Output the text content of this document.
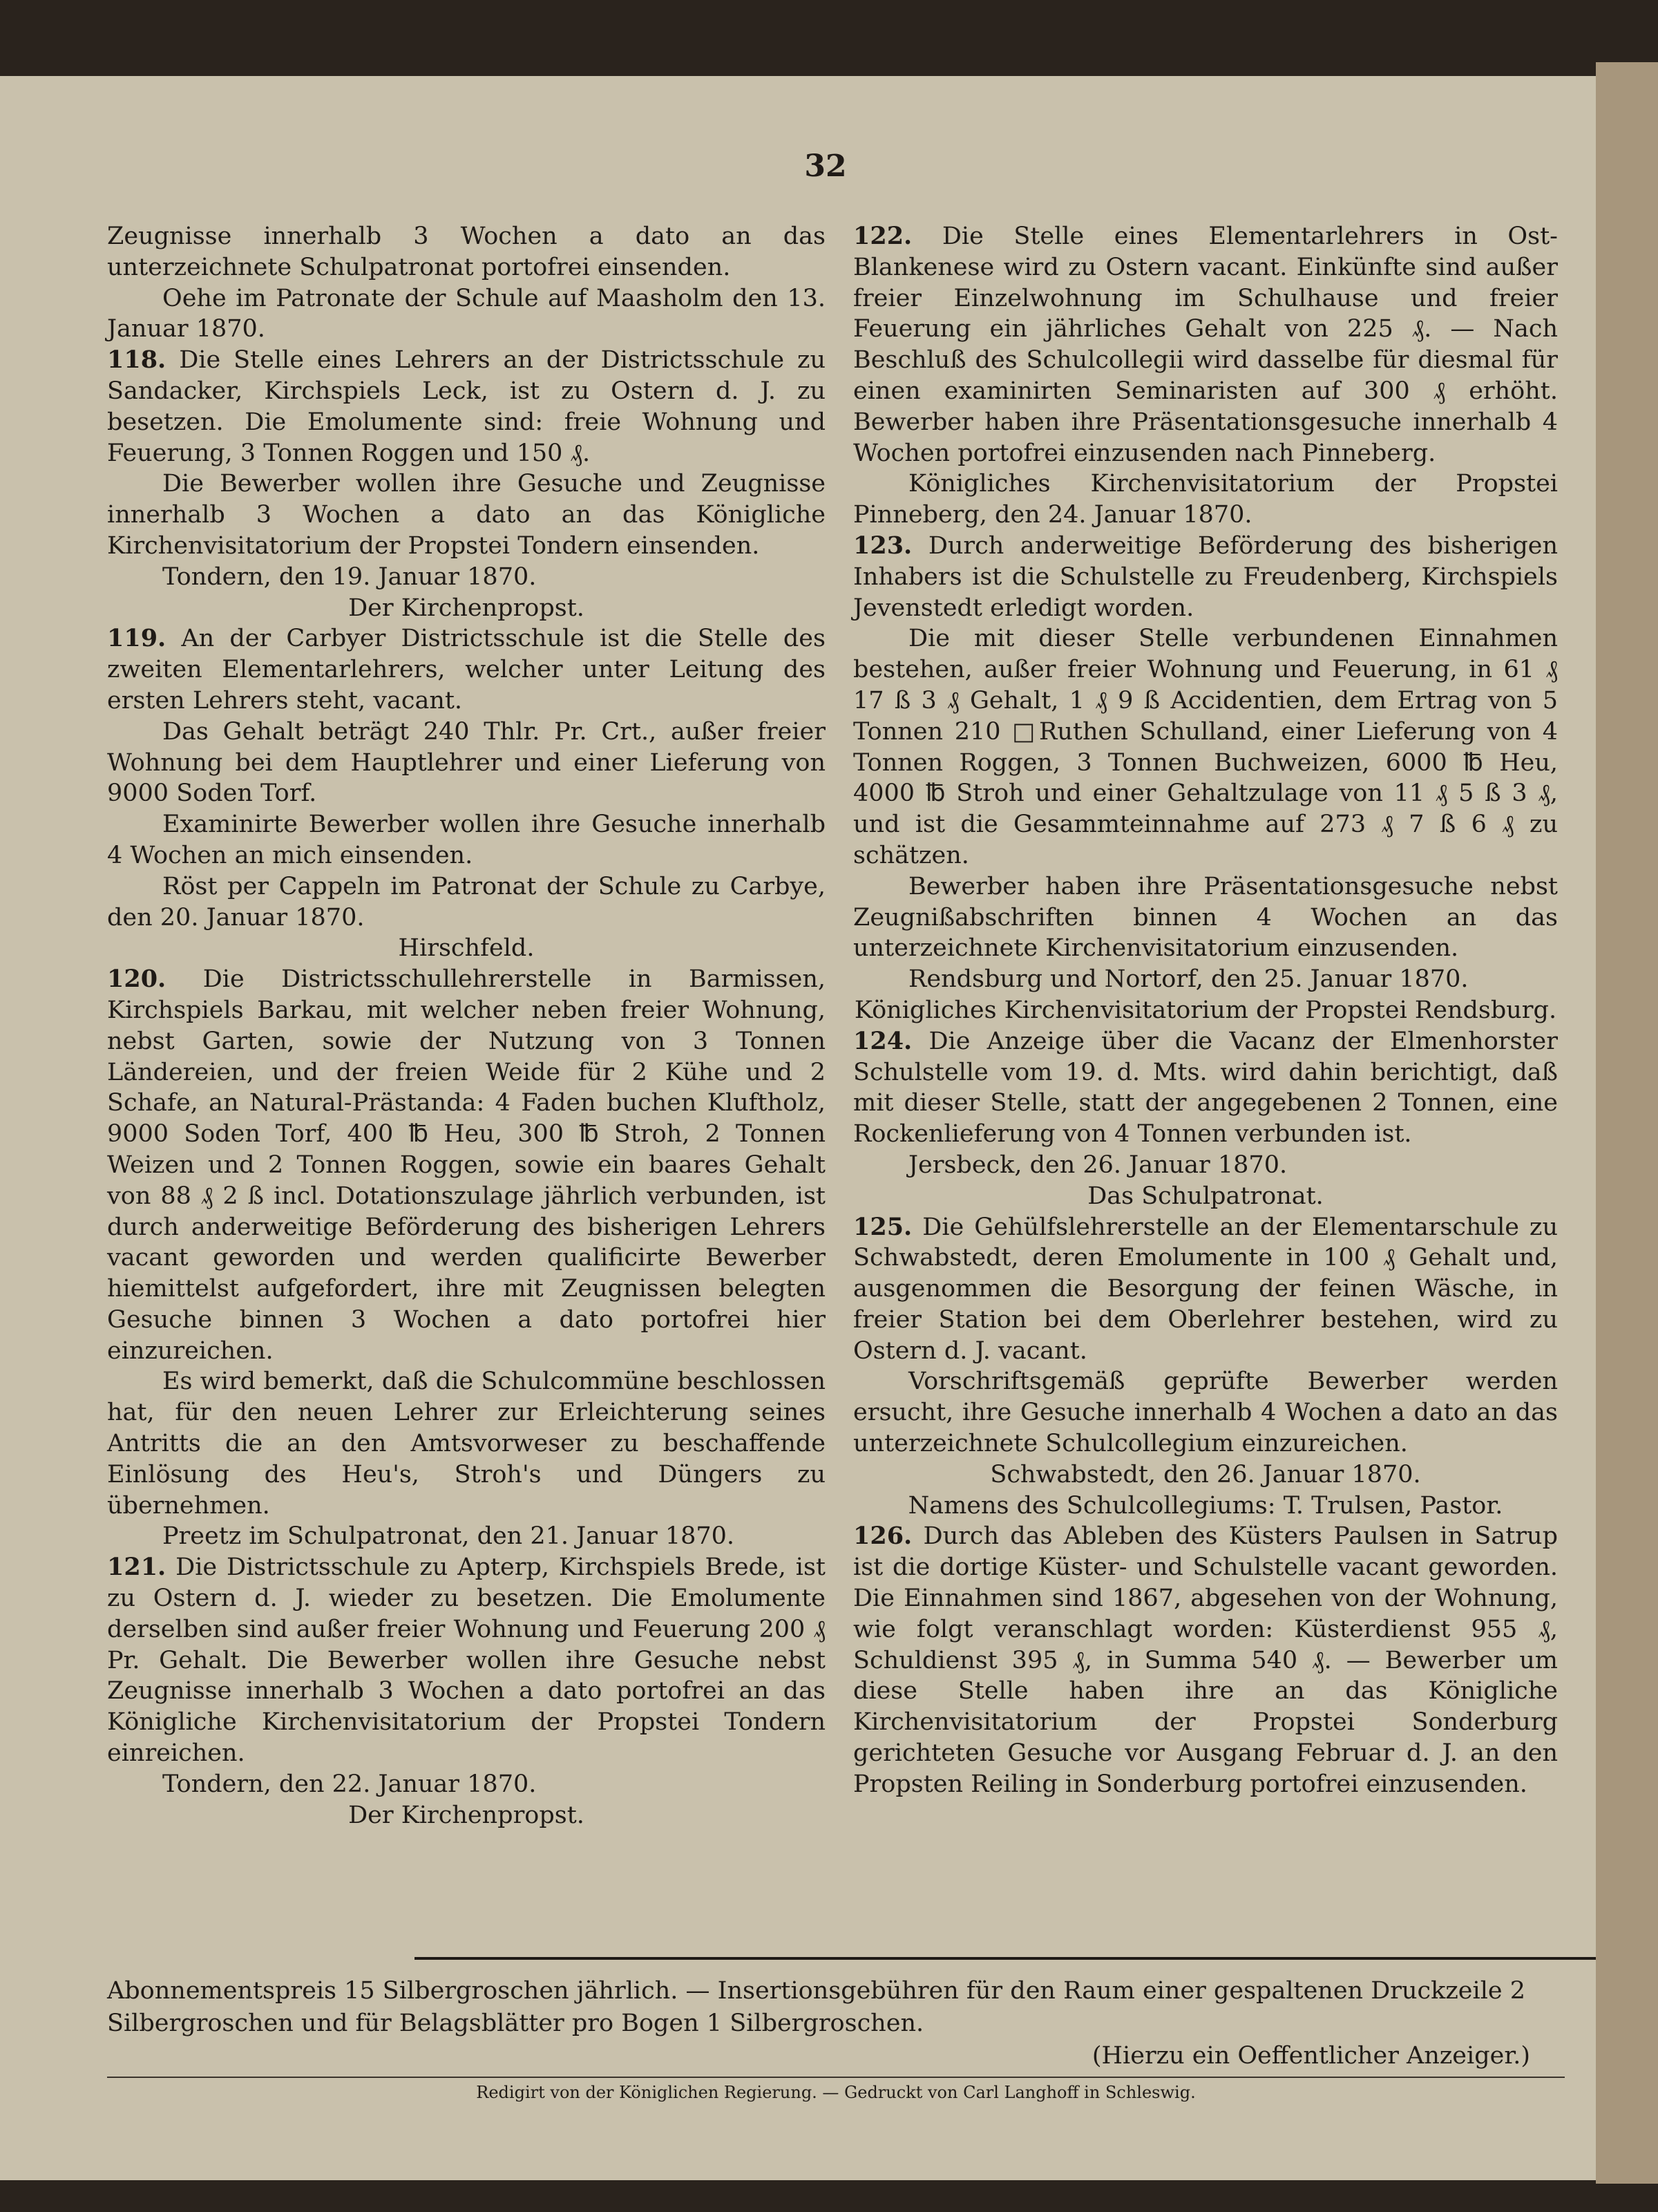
32

Zeugnisse innerhalb 3 Wochen a dato an das unterzeichnete Schulpatronat portofrei einsenden.

Oehe im Patronate der Schule auf Maasholm den 13. Januar 1870.

118. Die Stelle eines Lehrers an der Districtsschule zu Sandacker, Kirchspiels Leck, ist zu Ostern d. J. zu besetzen. Die Emolumente sind: freie Wohnung und Feuerung, 3 Tonnen Roggen und 150 ₰.

Die Bewerber wollen ihre Gesuche und Zeugnisse innerhalb 3 Wochen a dato an das Königliche Kirchenvisitatorium der Propstei Tondern einsenden.

Tondern, den 19. Januar 1870.

Der Kirchenpropst.

119. An der Carbyer Districtsschule ist die Stelle des zweiten Elementarlehrers, welcher unter Leitung des ersten Lehrers steht, vacant.

Das Gehalt beträgt 240 Thlr. Pr. Crt., außer freier Wohnung bei dem Hauptlehrer und einer Lieferung von 9000 Soden Torf.

Examinirte Bewerber wollen ihre Gesuche innerhalb 4 Wochen an mich einsenden.

Röst per Cappeln im Patronat der Schule zu Carbye, den 20. Januar 1870.

Hirschfeld.

120. Die Districtsschullehrerstelle in Barmissen, Kirchspiels Barkau, mit welcher neben freier Wohnung, nebst Garten, sowie der Nutzung von 3 Tonnen Ländereien, und der freien Weide für 2 Kühe und 2 Schafe, an Natural-Prästanda: 4 Faden buchen Kluftholz, 9000 Soden Torf, 400 ℔ Heu, 300 ℔ Stroh, 2 Tonnen Weizen und 2 Tonnen Roggen, sowie ein baares Gehalt von 88 ₰ 2 ß incl. Dotationszulage jährlich verbunden, ist durch anderweitige Beförderung des bisherigen Lehrers vacant geworden und werden qualificirte Bewerber hiemittelst aufgefordert, ihre mit Zeugnissen belegten Gesuche binnen 3 Wochen a dato portofrei hier einzureichen.

Es wird bemerkt, daß die Schulcommüne beschlossen hat, für den neuen Lehrer zur Erleichterung seines Antritts die an den Amtsvorweser zu beschaffende Einlösung des Heu's, Stroh's und Düngers zu übernehmen.

Preetz im Schulpatronat, den 21. Januar 1870.

121. Die Districtsschule zu Apterp, Kirchspiels Brede, ist zu Ostern d. J. wieder zu besetzen. Die Emolumente derselben sind außer freier Wohnung und Feuerung 200 ₰ Pr. Gehalt. Die Bewerber wollen ihre Gesuche nebst Zeugnisse innerhalb 3 Wochen a dato portofrei an das Königliche Kirchenvisitatorium der Propstei Tondern einreichen.

Tondern, den 22. Januar 1870.

Der Kirchenpropst.

122. Die Stelle eines Elementarlehrers in Ost-Blankenese wird zu Ostern vacant. Einkünfte sind außer freier Einzelwohnung im Schulhause und freier Feuerung ein jährliches Gehalt von 225 ₰. — Nach Beschluß des Schulcollegii wird dasselbe für diesmal für einen examinirten Seminaristen auf 300 ₰ erhöht. Bewerber haben ihre Präsentationsgesuche innerhalb 4 Wochen portofrei einzusenden nach Pinneberg.

Königliches Kirchenvisitatorium der Propstei Pinneberg, den 24. Januar 1870.

123. Durch anderweitige Beförderung des bisherigen Inhabers ist die Schulstelle zu Freudenberg, Kirchspiels Jevenstedt erledigt worden.

Die mit dieser Stelle verbundenen Einnahmen bestehen, außer freier Wohnung und Feuerung, in 61 ₰ 17 ß 3 ₰ Gehalt, 1 ₰ 9 ß Accidentien, dem Ertrag von 5 Tonnen 210 □Ruthen Schulland, einer Lieferung von 4 Tonnen Roggen, 3 Tonnen Buchweizen, 6000 ℔ Heu, 4000 ℔ Stroh und einer Gehaltzulage von 11 ₰ 5 ß 3 ₰, und ist die Gesammteinnahme auf 273 ₰ 7 ß 6 ₰ zu schätzen.

Bewerber haben ihre Präsentationsgesuche nebst Zeugnißabschriften binnen 4 Wochen an das unterzeichnete Kirchenvisitatorium einzusenden.

Rendsburg und Nortorf, den 25. Januar 1870.

Königliches Kirchenvisitatorium der Propstei Rendsburg.

124. Die Anzeige über die Vacanz der Elmenhorster Schulstelle vom 19. d. Mts. wird dahin berichtigt, daß mit dieser Stelle, statt der angegebenen 2 Tonnen, eine Rockenlieferung von 4 Tonnen verbunden ist.

Jersbeck, den 26. Januar 1870.

Das Schulpatronat.

125. Die Gehülfslehrerstelle an der Elementarschule zu Schwabstedt, deren Emolumente in 100 ₰ Gehalt und, ausgenommen die Besorgung der feinen Wäsche, in freier Station bei dem Oberlehrer bestehen, wird zu Ostern d. J. vacant.

Vorschriftsgemäß geprüfte Bewerber werden ersucht, ihre Gesuche innerhalb 4 Wochen a dato an das unterzeichnete Schulcollegium einzureichen.

Schwabstedt, den 26. Januar 1870.

Namens des Schulcollegiums: T. Trulsen, Pastor.

126. Durch das Ableben des Küsters Paulsen in Satrup ist die dortige Küster- und Schulstelle vacant geworden. Die Einnahmen sind 1867, abgesehen von der Wohnung, wie folgt veranschlagt worden: Küsterdienst 955 ₰, Schuldienst 395 ₰, in Summa 540 ₰. — Bewerber um diese Stelle haben ihre an das Königliche Kirchenvisitatorium der Propstei Sonderburg gerichteten Gesuche vor Ausgang Februar d. J. an den Propsten Reiling in Sonderburg portofrei einzusenden.

Abonnementspreis 15 Silbergroschen jährlich. — Insertionsgebühren für den Raum einer gespaltenen Druckzeile 2 Silbergroschen und für Belagsblätter pro Bogen 1 Silbergroschen.

(Hierzu ein Oeffentlicher Anzeiger.)

Redigirt von der Königlichen Regierung. — Gedruckt von Carl Langhoff in Schleswig.
